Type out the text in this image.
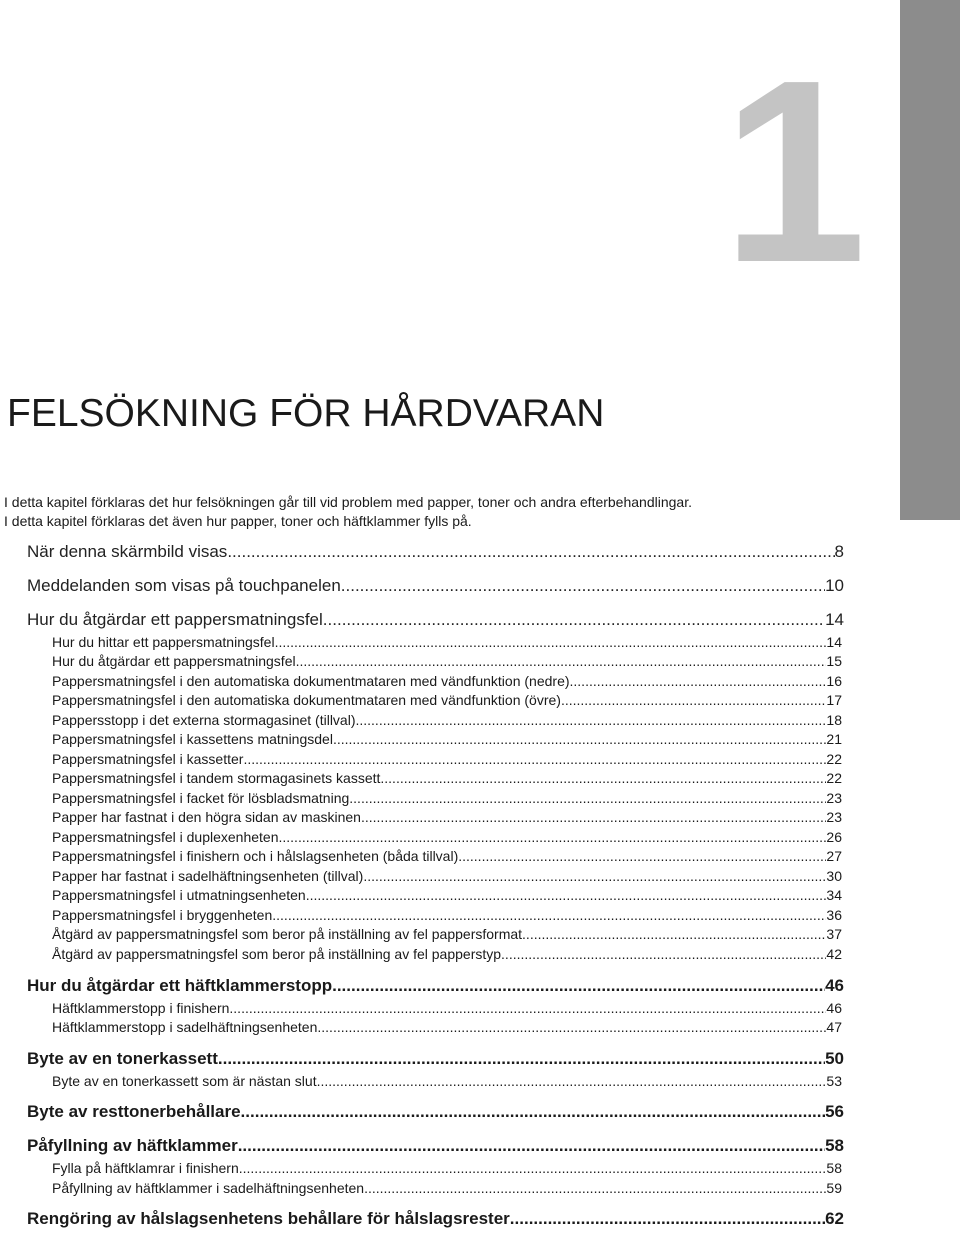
1
FELSÖKNING FÖR HÅRDVARAN

I detta kapitel förklaras det hur felsökningen går till vid problem med papper, toner och andra efterbehandlingar.

I detta kapitel förklaras det även hur papper, toner och häftklammer fylls på.

När denna skärmbild visas .....	8
Meddelanden som visas på touchpanelen .....	10
Hur du åtgärdar ett pappersmatningsfel .....	14
Hur du hittar ett pappersmatningsfel .....	14
Hur du åtgärdar ett pappersmatningsfel .....	15
Pappersmatningsfel i den automatiska dokumentmataren med vändfunktion (nedre) .....	16
Pappersmatningsfel i den automatiska dokumentmataren med vändfunktion (övre) .....	17
Pappersstopp i det externa stormagasinet (tillval) .....	18
Pappersmatningsfel i kassettens matningsdel .....	21
Pappersmatningsfel i kassetter .....	22
Pappersmatningsfel i tandem stormagasinets kassett .....	22
Pappersmatningsfel i facket för lösbladsmatning .....	23
Papper har fastnat i den högra sidan av maskinen .....	23
Pappersmatningsfel i duplexenheten .....	26
Pappersmatningsfel i finishern och i hålslagsenheten (båda tillval) .....	27
Papper har fastnat i sadelhäftningsenheten (tillval) .....	30
Pappersmatningsfel i utmatningsenheten .....	34
Pappersmatningsfel i bryggenheten .....	36
Åtgärd av pappersmatningsfel som beror på inställning av fel pappersformat .....	37
Åtgärd av pappersmatningsfel som beror på inställning av fel papperstyp .....	42
Hur du åtgärdar ett häftklammerstopp .....	46
Häftklammerstopp i finishern .....	46
Häftklammerstopp i sadelhäftningsenheten .....	47
Byte av en tonerkassett .....	50
Byte av en tonerkassett som är nästan slut .....	53
Byte av resttonerbehållare .....	56
Påfyllning av häftklammer .....	58
Fylla på häftklamrar i finishern .....	58
Påfyllning av häftklammer i sadelhäftningsenheten .....	59
Rengöring av hålslagsenhetens behållare för hålslagsrester .....	62
